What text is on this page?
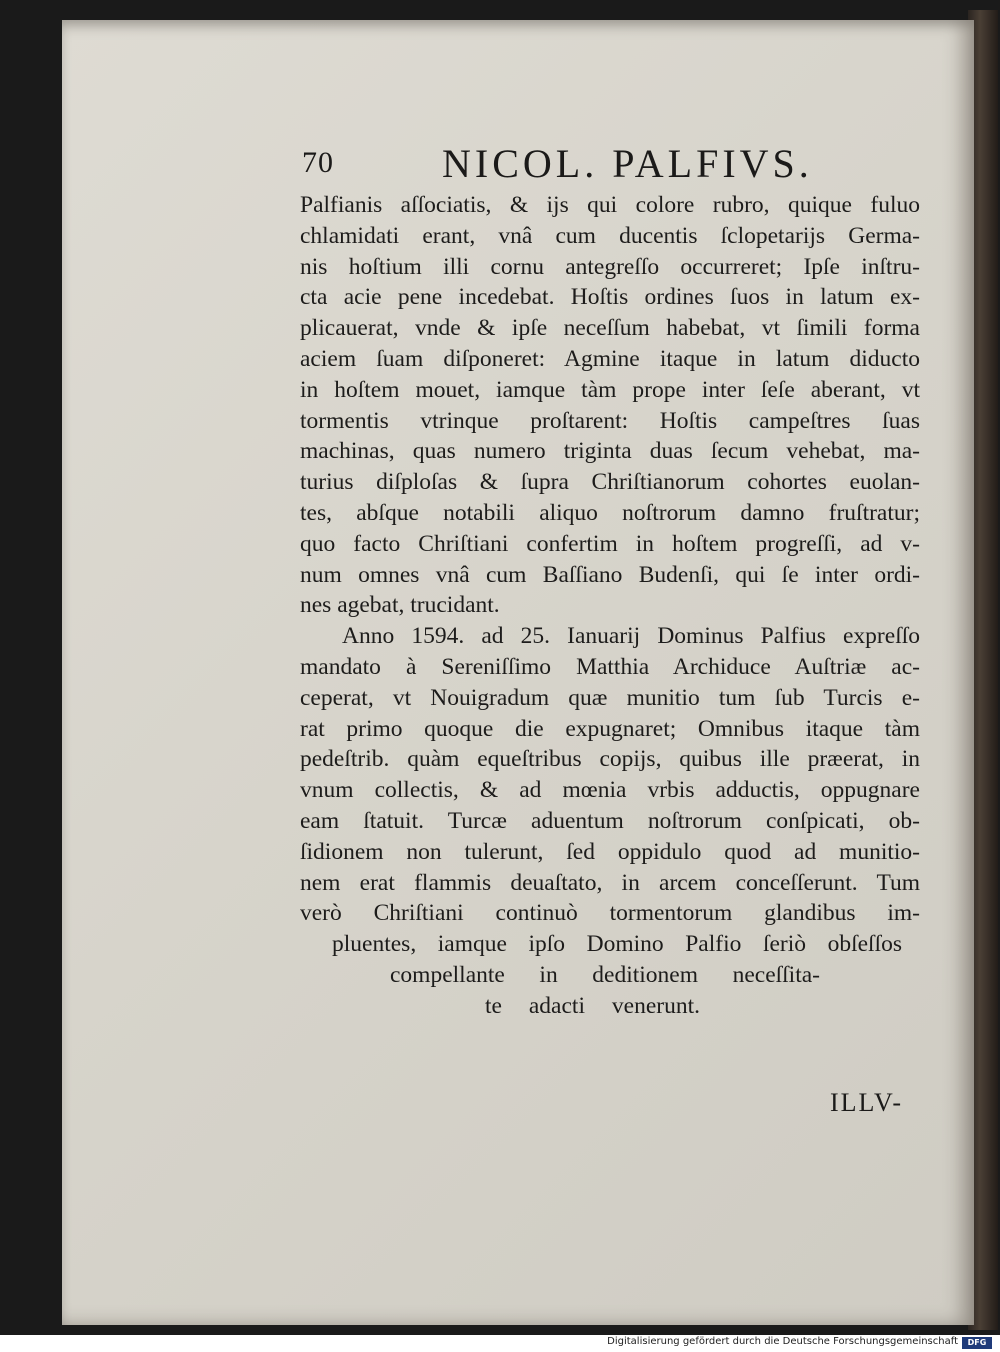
70	NICOL. PALFIVS.
Palfianis aſſociatis, & ijs qui colore rubro, quique fuluo
chlamidati erant, vnâ cum ducentis ſclopetarijs Germa-
nis hoſtium illi cornu antegreſſo occurreret; Ipſe inſtru-
cta acie pene incedebat. Hoſtis ordines ſuos in latum ex-
plicauerat, vnde & ipſe neceſſum habebat, vt ſimili forma
aciem ſuam diſponeret: Agmine itaque in latum diducto
in hoſtem mouet, iamque tàm prope inter ſeſe aberant, vt
tormentis vtrinque proſtarent: Hoſtis campeſtres ſuas
machinas, quas numero triginta duas ſecum vehebat, ma-
turius diſploſas & ſupra Chriſtianorum cohortes euolan-
tes, abſque notabili aliquo noſtrorum damno fruſtratur;
quo facto Chriſtiani confertim in hoſtem progreſſi, ad v-
num omnes vnâ cum Baſſiano Budenſi, qui ſe inter ordi-
nes agebat, trucidant.
Anno 1594. ad 25. Ianuarij Dominus Palfius expreſſo
mandato à Sereniſſimo Matthia Archiduce Auſtriæ ac-
ceperat, vt Nouigradum quæ munitio tum ſub Turcis e-
rat primo quoque die expugnaret; Omnibus itaque tàm
pedeſtrib. quàm equeſtribus copijs, quibus ille præerat, in
vnum collectis, & ad mœnia vrbis adductis, oppugnare
eam ſtatuit. Turcæ aduentum noſtrorum conſpicati, ob-
ſidionem non tulerunt, ſed oppidulo quod ad munitio-
nem erat flammis deuaſtato, in arcem conceſſerunt. Tum
verò Chriſtiani continuò tormentorum glandibus im-
pluentes, iamque ipſo Domino Palfio ſeriò obſeſſos
compellante in deditionem neceſſita-
te adacti venerunt.
ILLV-
Digitalisierung gefördert durch die Deutsche Forschungsgemeinschaft	DFG
